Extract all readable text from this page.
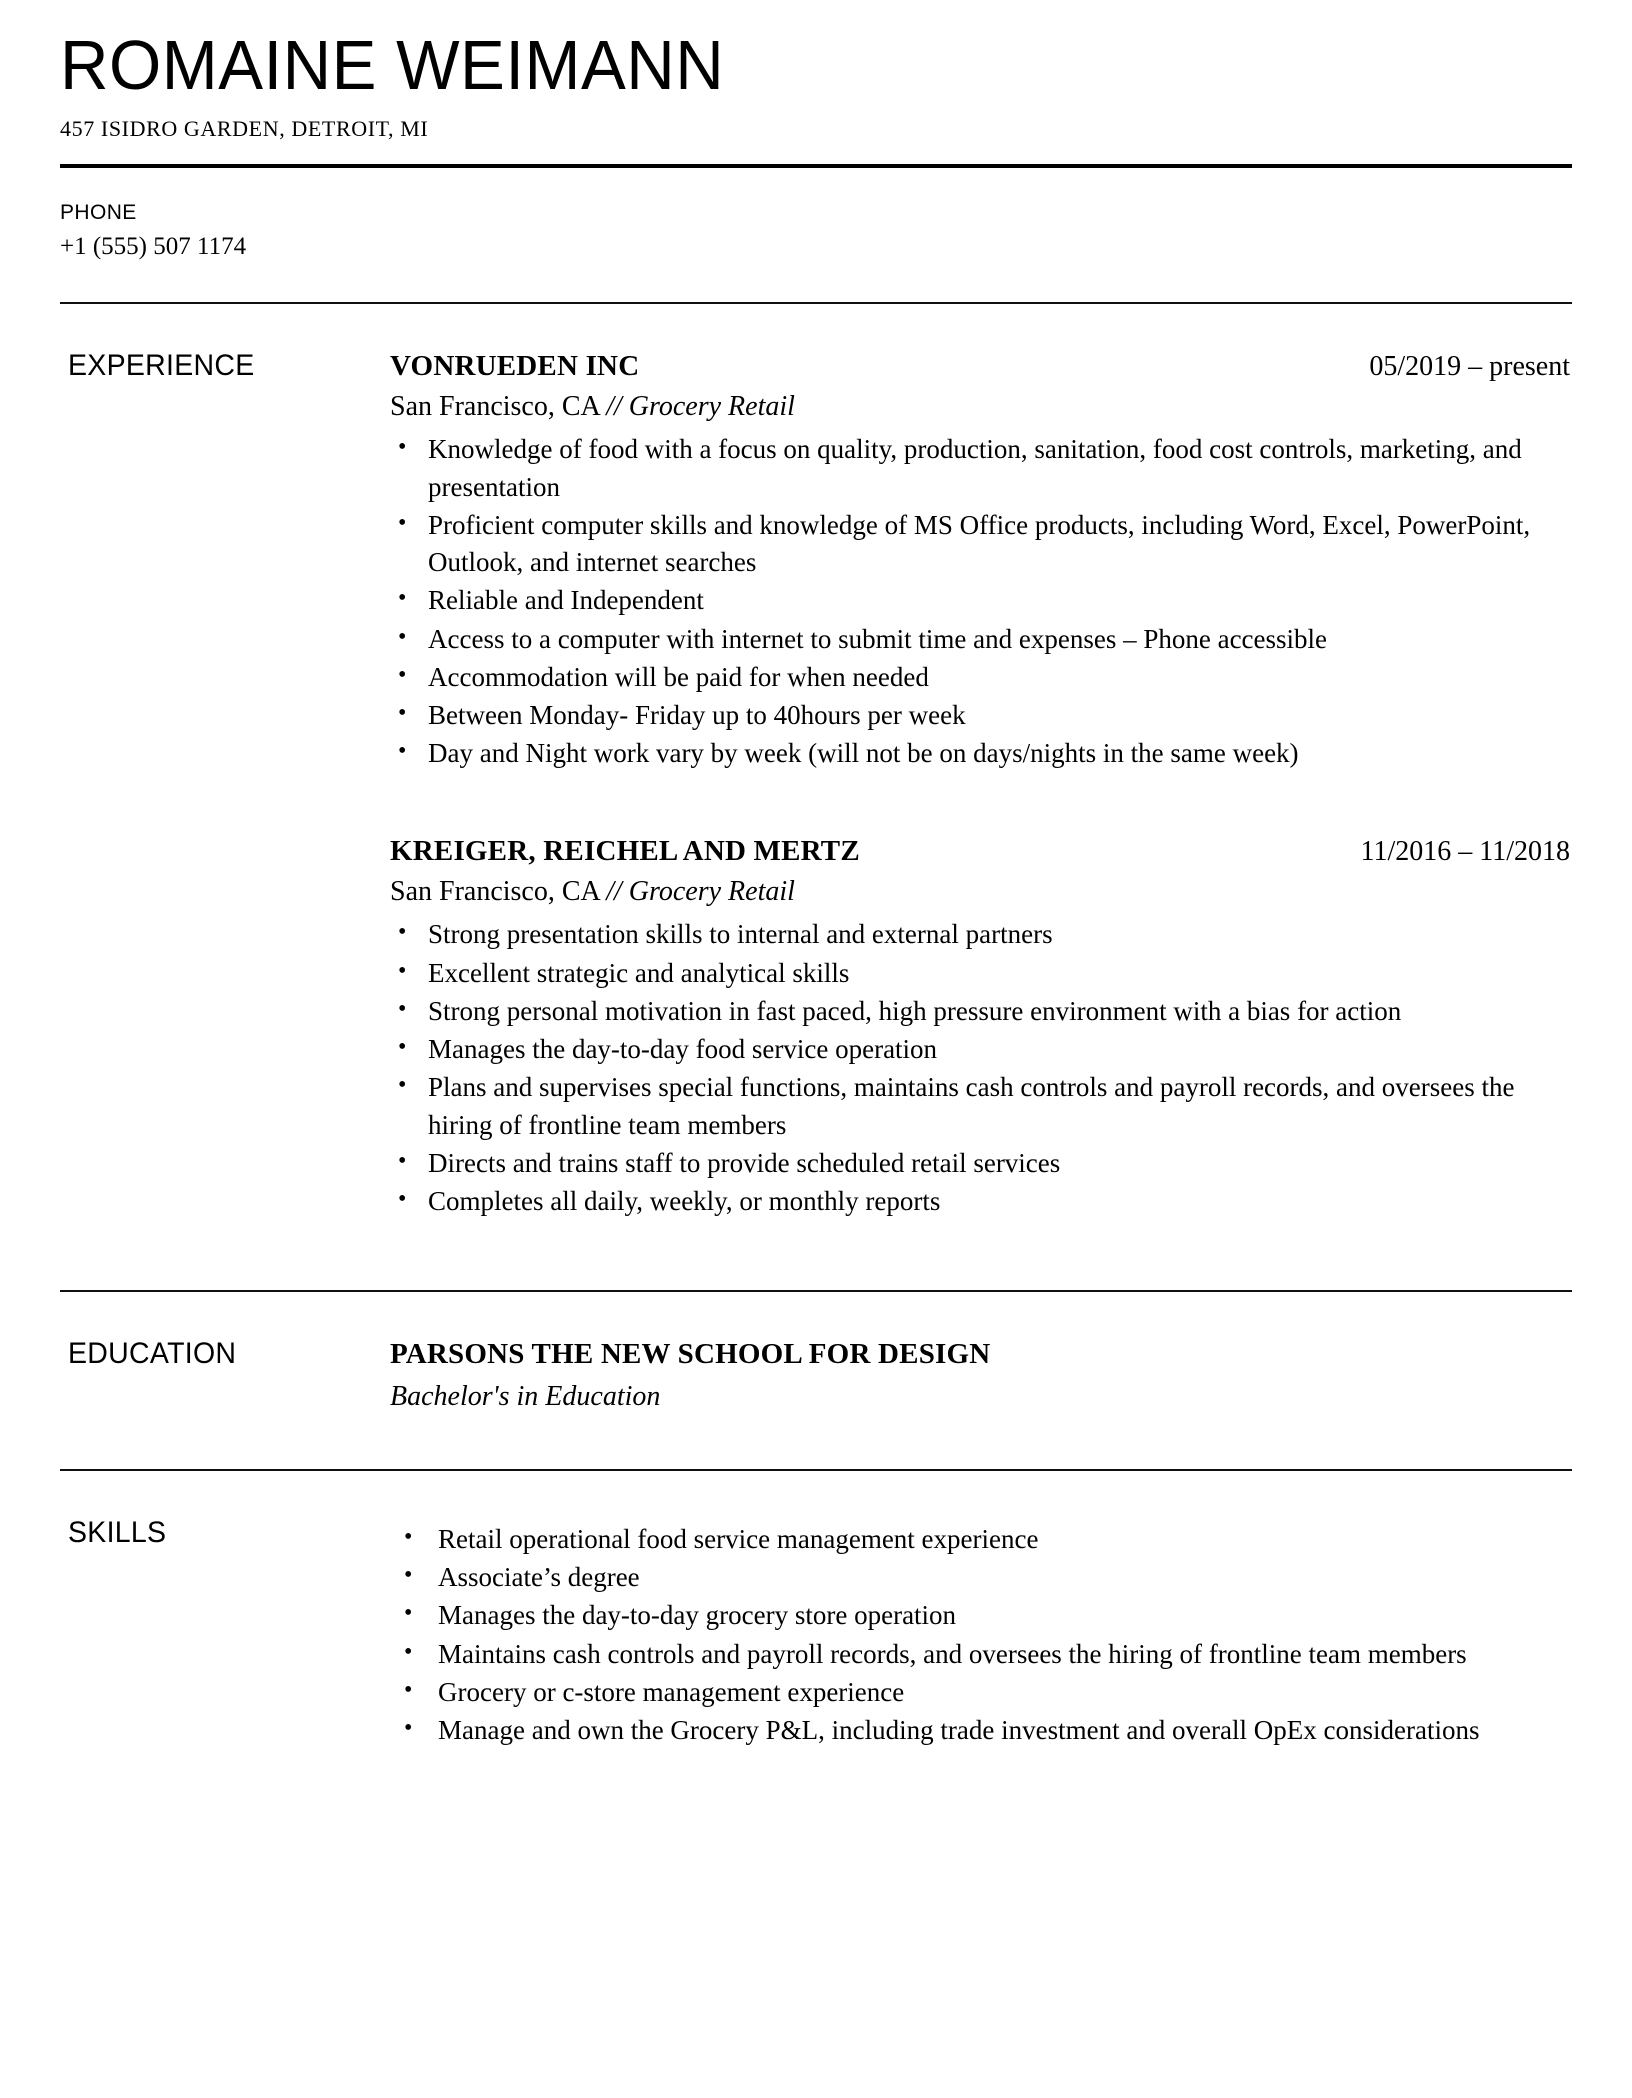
ROMAINE WEIMANN
457 ISIDRO GARDEN, DETROIT, MI
PHONE
+1 (555) 507 1174
EXPERIENCE	VONRUEDEN INC	05/2019 – present
San Francisco, CA // Grocery Retail
• Knowledge of food with a focus on quality, production, sanitation, food cost controls, marketing, and presentation
• Proficient computer skills and knowledge of MS Office products, including Word, Excel, PowerPoint, Outlook, and internet searches
• Reliable and Independent
• Access to a computer with internet to submit time and expenses – Phone accessible
• Accommodation will be paid for when needed
• Between Monday- Friday up to 40hours per week
• Day and Night work vary by week (will not be on days/nights in the same week)
KREIGER, REICHEL AND MERTZ	11/2016 – 11/2018
San Francisco, CA // Grocery Retail
• Strong presentation skills to internal and external partners
• Excellent strategic and analytical skills
• Strong personal motivation in fast paced, high pressure environment with a bias for action
• Manages the day-to-day food service operation
• Plans and supervises special functions, maintains cash controls and payroll records, and oversees the hiring of frontline team members
• Directs and trains staff to provide scheduled retail services
• Completes all daily, weekly, or monthly reports
EDUCATION	PARSONS THE NEW SCHOOL FOR DESIGN
Bachelor's in Education
SKILLS	• Retail operational food service management experience
• Associate’s degree
• Manages the day-to-day grocery store operation
• Maintains cash controls and payroll records, and oversees the hiring of frontline team members
• Grocery or c-store management experience
• Manage and own the Grocery P&L, including trade investment and overall OpEx considerations
